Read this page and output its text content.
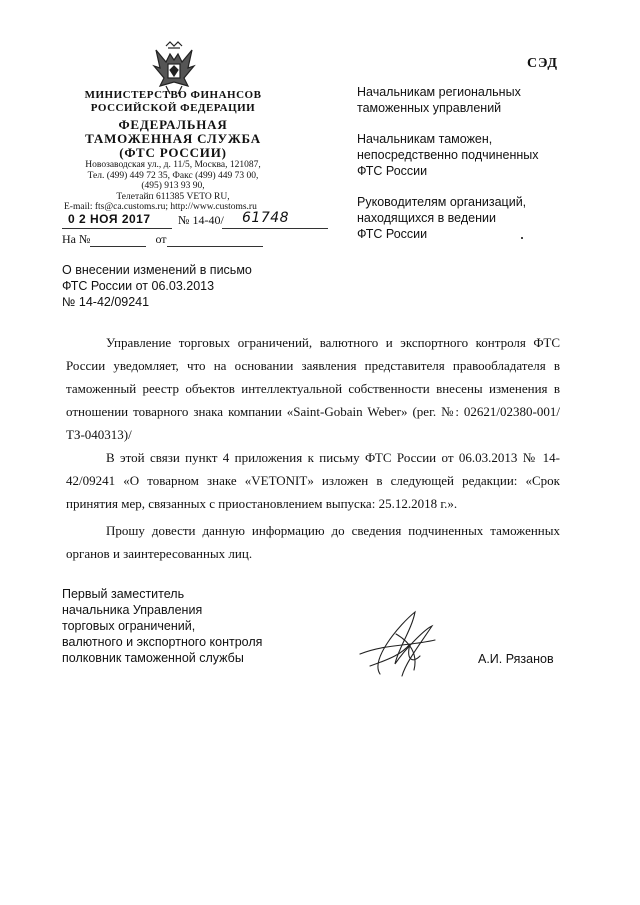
СЭД
МИНИСТЕРСТВО ФИНАНСОВ
РОССИЙСКОЙ ФЕДЕРАЦИИ
ФЕДЕРАЛЬНАЯ
ТАМОЖЕННАЯ СЛУЖБА
(ФТС РОССИИ)
Новозаводская ул., д. 11/5, Москва, 121087,
Тел. (499) 449 72 35, Факс (499) 449 73 00,
(495) 913 93 90,
Телетайп 611385 VETO RU,
E-mail: fts@ca.customs.ru; http://www.customs.ru
0 2 НОЯ 2017 № 14-40/ 61748
На №	от

Начальникам региональных
таможенных управлений

Начальникам таможен,
непосредственно подчиненных
ФТС России

Руководителям организаций,
находящихся в ведении
ФТС России

О внесении изменений в письмо
ФТС России от 06.03.2013
№ 14-42/09241

Управление торговых ограничений, валютного и экспортного контроля ФТС России уведомляет, что на основании заявления представителя правообладателя в таможенный реестр объектов интеллектуальной собственности внесены изменения в отношении товарного знака компании «Saint-Gobain Weber» (рег. №: 02621/02380-001/ТЗ-040313)/

В этой связи пункт 4 приложения к письму ФТС России от 06.03.2013 № 14-42/09241 «О товарном знаке «VETONIT» изложен в следующей редакции: «Срок принятия мер, связанных с приостановлением выпуска: 25.12.2018 г.».

Прошу довести данную информацию до сведения подчиненных таможенных органов и заинтересованных лиц.

Первый заместитель
начальника Управления
торговых ограничений,
валютного и экспортного контроля
полковник таможенной службы	А.И. Рязанов
